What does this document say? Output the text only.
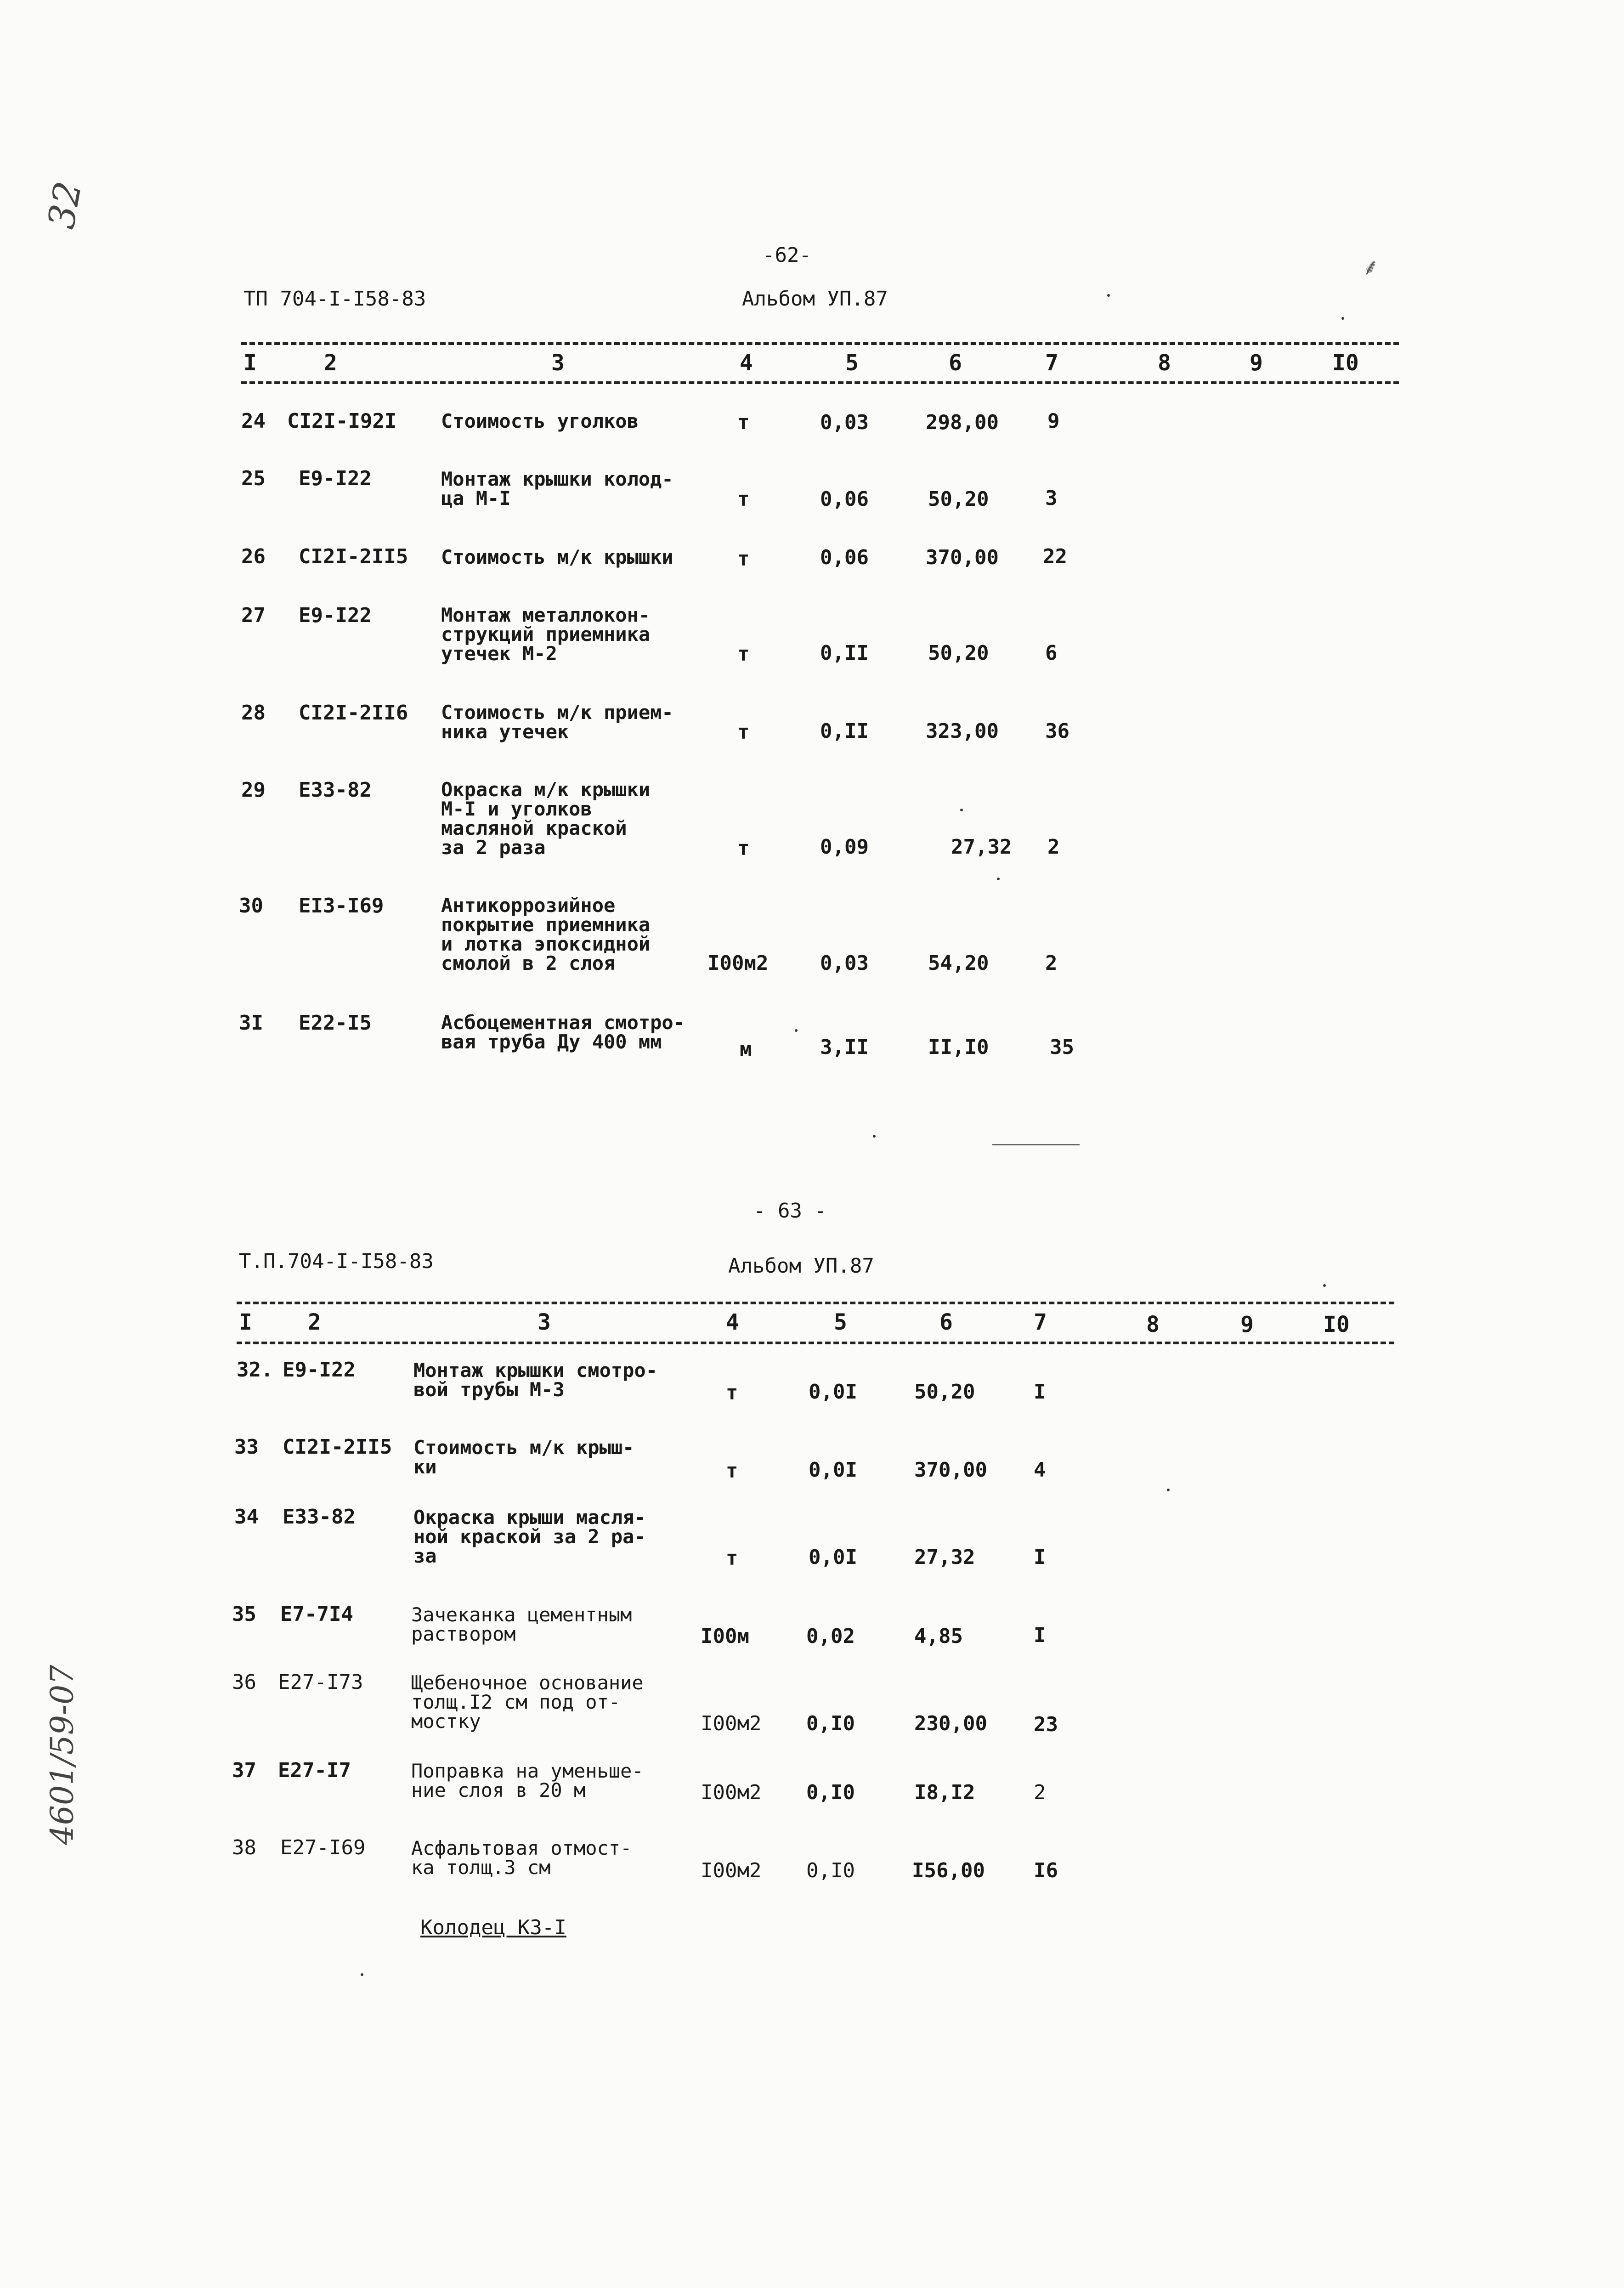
32
4601/59-07
⸙
-62-
ТП 704-I-I58-83	Альбом УП.87
I	2	3	4	5	6	7	8	9	I0
24 CI2I-I92I Стоимость уголков	т	0,03	298,00 9
25 E9-I22	Монтаж крышки колод-
ца М-I	т	0,06	50,20	3
26 CI2I-2II5 Стоимость м/к крышки	т	0,06	370,00 22
27 E9-I22	Монтаж металлокон-
струкций приемника
утечек М-2	т	0,II	50,20	6
28 CI2I-2II6 Стоимость м/к прием-
ника утечек	т	0,II	323,00 36
29 E33-82	Окраска м/к крышки
М-I и уголков
масляной краской
за 2 раза	т	0,09	27,32 2
30 EI3-I69	Антикоррозийное
покрытие приемника
и лотка эпоксидной
смолой в 2 слоя	I00м2	0,03	54,20	2
3I E22-I5	Асбоцементная смотро-
вая труба Ду 400 мм	м	3,II	II,I0	35
- 63 -
Т.П.704-I-I58-83	Альбом УП.87
I	2	3	4	5	6	7	8	9	I0
32. E9-I22	Монтаж крышки смотро-
вой трубы М-3	т	0,0I	50,20	I
33 CI2I-2II5 Стоимость м/к крыш-
ки	т	0,0I	370,00 4
34 E33-82	Окраска крыши масля-
ной краской за 2 ра-
за	т	0,0I	27,32	I
35 E7-7I4	Зачеканка цементным
раствором	I00м	0,02	4,85	I
36 E27-I73 Щебеночное основание
толщ.I2 см под от-
мостку	I00м2 0,I0	230,00 23
37 E27-I7	Поправка на уменьше-
ние слоя в 20 м	I00м2 0,I0	I8,I2	2
38 E27-I69 Асфальтовая отмост-
ка толщ.3 см	I00м2 0,I0	I56,00 I6
Колодец КЗ-I
